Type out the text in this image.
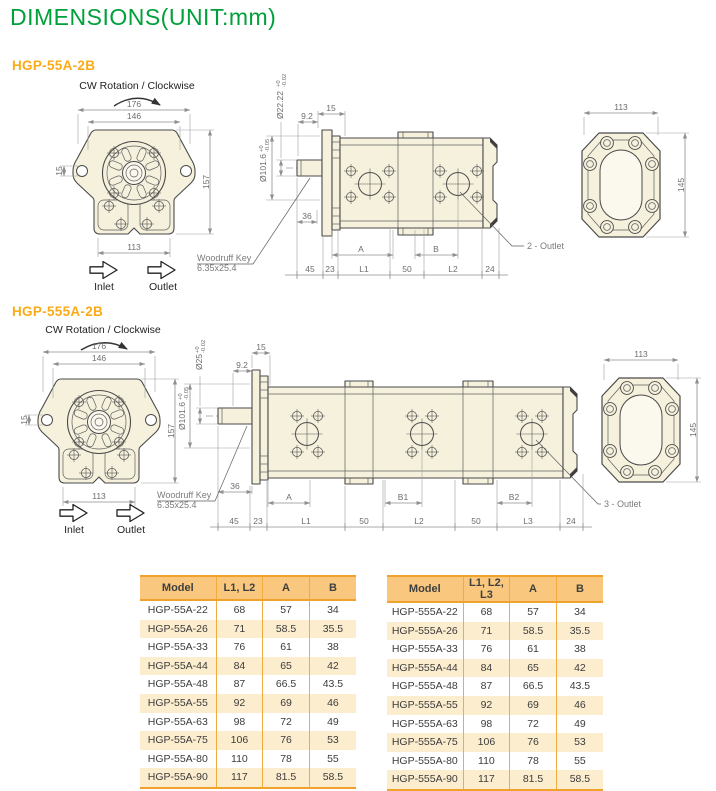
DIMENSIONS(UNIT:mm)
HGP-55A-2B
HGP-555A-2B
CW Rotation / Clockwise
176
146
157
113
15
Inlet	Outlet
Ø22.22
+0 -0.02
9.2
15
Ø101.6
+0 -0.05
36
A	B
45 23	L1	50	L2	24
2 - Outlet
Woodruff Key
6.35x25.4
113
145
CW Rotation / Clockwise
176
146
157
113
15
Inlet	Outlet
Ø25
+0 -0.02
9.2
15
Ø101.6
+0 -0.05
36
A	B1	B2
45 23	L1	50	L2	50	L3	24
3 - Outlet
Woodruff Key
6.35x25.4
113
145
Model	L1, L2	A	B
HGP-55A-22	68	57	34
HGP-55A-26	71	58.5	35.5
HGP-55A-33	76	61	38
HGP-55A-44	84	65	42
HGP-55A-48	87	66.5	43.5
HGP-55A-55	92	69	46
HGP-55A-63	98	72	49
HGP-55A-75	106	76	53
HGP-55A-80	110	78	55
HGP-55A-90	117	81.5	58.5
Model	L1, L2, L3	A	B
HGP-555A-22	68	57	34
HGP-555A-26	71	58.5	35.5
HGP-555A-33	76	61	38
HGP-555A-44	84	65	42
HGP-555A-48	87	66.5	43.5
HGP-555A-55	92	69	46
HGP-555A-63	98	72	49
HGP-555A-75	106	76	53
HGP-555A-80	110	78	55
HGP-555A-90	117	81.5	58.5
